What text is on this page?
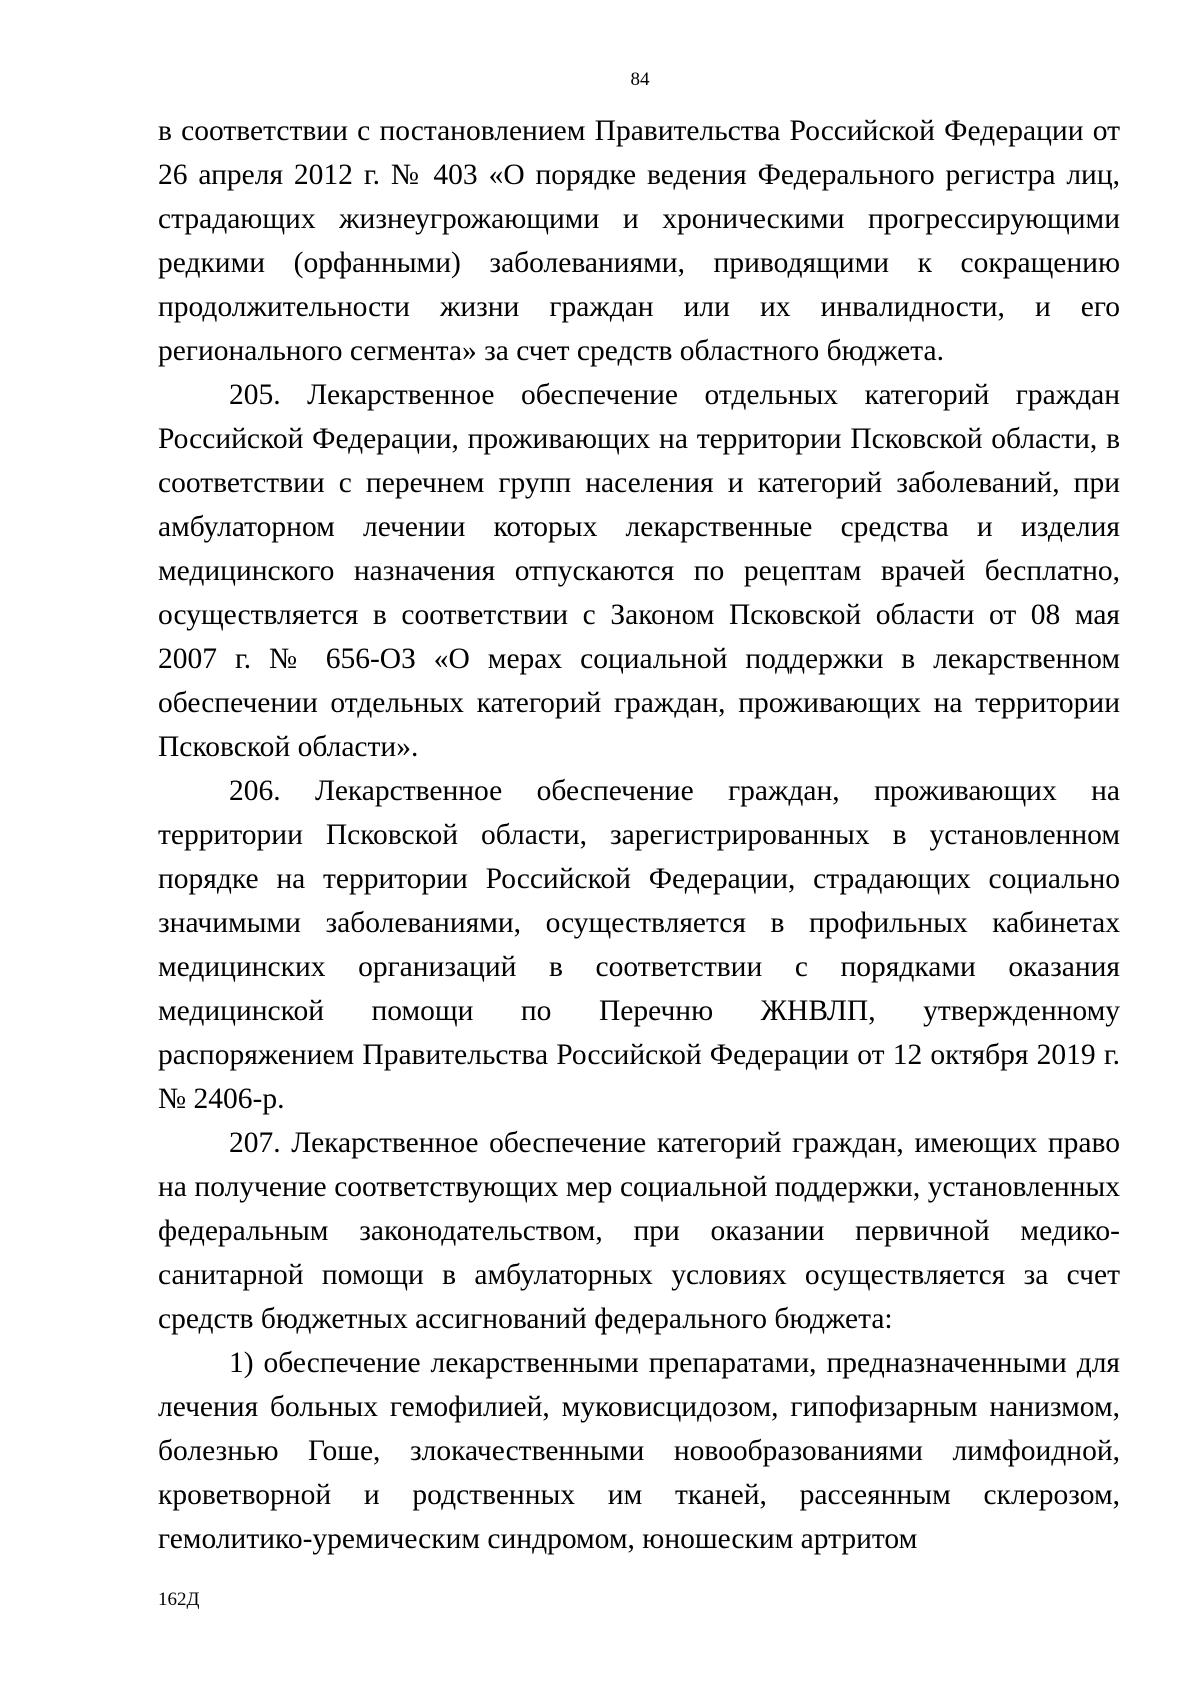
84

в соответствии с постановлением Правительства Российской Федерации от 26 апреля 2012 г. № 403 «О порядке ведения Федерального регистра лиц, страдающих жизнеугрожающими и хроническими прогрессирующими редкими (орфанными) заболеваниями, приводящими к сокращению продолжительности жизни граждан или их инвалидности, и его регионального сегмента» за счет средств областного бюджета.

205. Лекарственное обеспечение отдельных категорий граждан Российской Федерации, проживающих на территории Псковской области, в соответствии с перечнем групп населения и категорий заболеваний, при амбулаторном лечении которых лекарственные средства и изделия медицинского назначения отпускаются по рецептам врачей бесплатно, осуществляется в соответствии с Законом Псковской области от 08 мая 2007 г. № 656-ОЗ «О мерах социальной поддержки в лекарственном обеспечении отдельных категорий граждан, проживающих на территории Псковской области».

206. Лекарственное обеспечение граждан, проживающих на территории Псковской области, зарегистрированных в установленном порядке на территории Российской Федерации, страдающих социально значимыми заболеваниями, осуществляется в профильных кабинетах медицинских организаций в соответствии с порядками оказания медицинской помощи по Перечню ЖНВЛП, утвержденному распоряжением Правительства Российской Федерации от 12 октября 2019 г. № 2406-р.

207. Лекарственное обеспечение категорий граждан, имеющих право на получение соответствующих мер социальной поддержки, установленных федеральным законодательством, при оказании первичной медико-санитарной помощи в амбулаторных условиях осуществляется за счет средств бюджетных ассигнований федерального бюджета:

1) обеспечение лекарственными препаратами, предназначенными для лечения больных гемофилией, муковисцидозом, гипофизарным нанизмом, болезнью Гоше, злокачественными новообразованиями лимфоидной, кроветворной и родственных им тканей, рассеянным склерозом, гемолитико-уремическим синдромом, юношеским артритом

162Д
